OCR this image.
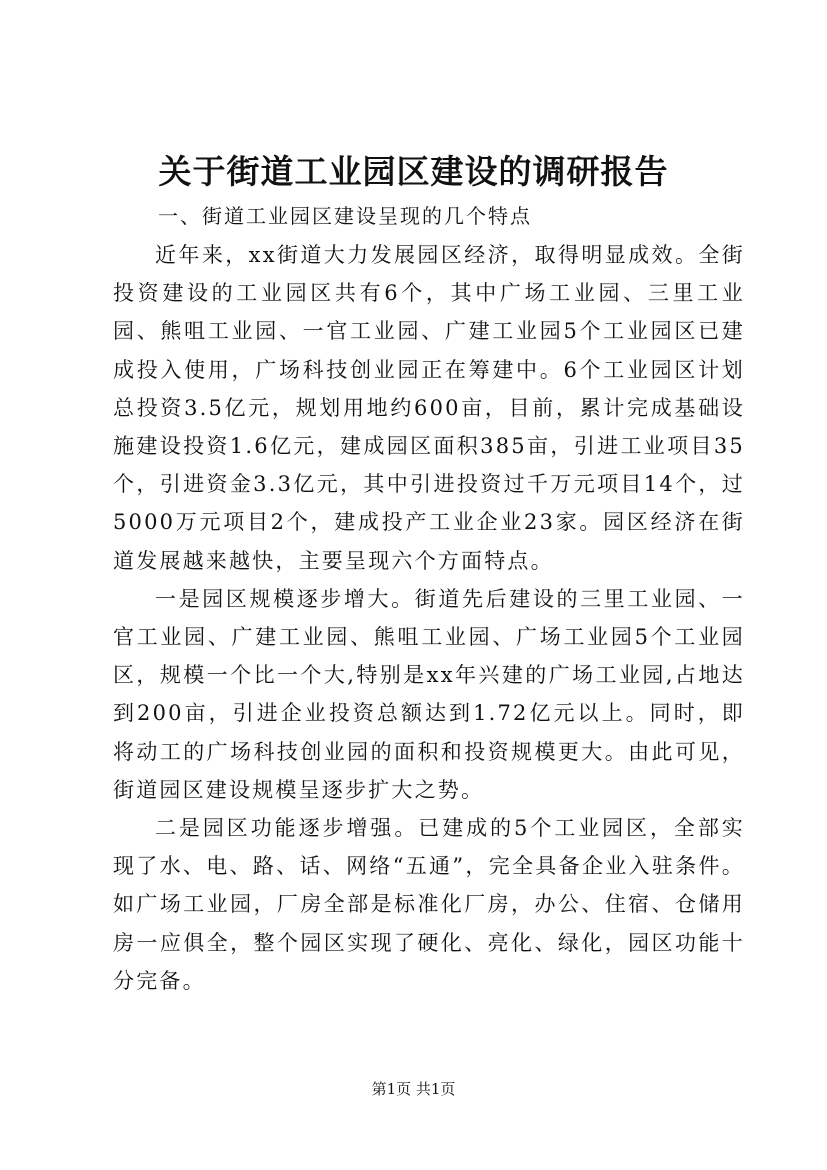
关于街道工业园区建设的调研报告
一、街道工业园区建设呈现的几个特点

近年来，xx街道大力发展园区经济，取得明显成效。全街投资建设的工业园区共有6个，其中广场工业园、三里工业园、熊咀工业园、一官工业园、广建工业园5个工业园区已建成投入使用，广场科技创业园正在筹建中。6个工业园区计划总投资3.5亿元，规划用地约600亩，目前，累计完成基础设施建设投资1.6亿元，建成园区面积385亩，引进工业项目35个，引进资金3.3亿元，其中引进投资过千万元项目14个，过5000万元项目2个，建成投产工业企业23家。园区经济在街道发展越来越快，主要呈现六个方面特点。

一是园区规模逐步增大。街道先后建设的三里工业园、一官工业园、广建工业园、熊咀工业园、广场工业园5个工业园区，规模一个比一个大,特别是xx年兴建的广场工业园,占地达到200亩，引进企业投资总额达到1.72亿元以上。同时，即将动工的广场科技创业园的面积和投资规模更大。由此可见，街道园区建设规模呈逐步扩大之势。

二是园区功能逐步增强。已建成的5个工业园区，全部实现了水、电、路、话、网络“五通”，完全具备企业入驻条件。如广场工业园，厂房全部是标准化厂房，办公、住宿、仓储用房一应俱全，整个园区实现了硬化、亮化、绿化，园区功能十分完备。

第1页 共1页
